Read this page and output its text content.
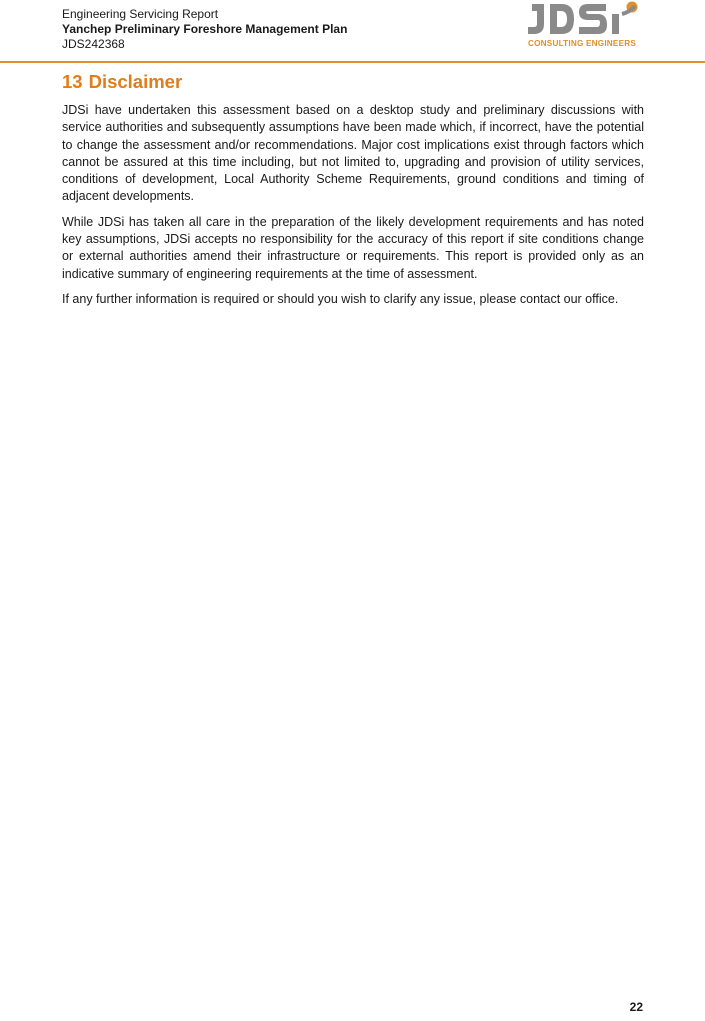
Engineering Servicing Report
Yanchep Preliminary Foreshore Management Plan
JDS242368	CONSULTING ENGINEERS
13 Disclaimer

JDSi have undertaken this assessment based on a desktop study and preliminary discussions with service authorities and subsequently assumptions have been made which, if incorrect, have the potential to change the assessment and/or recommendations. Major cost implications exist through factors which cannot be assured at this time including, but not limited to, upgrading and provision of utility services, conditions of development, Local Authority Scheme Requirements, ground conditions and timing of adjacent developments.

While JDSi has taken all care in the preparation of the likely development requirements and has noted key assumptions, JDSi accepts no responsibility for the accuracy of this report if site conditions change or external authorities amend their infrastructure or requirements. This report is provided only as an indicative summary of engineering requirements at the time of assessment.

If any further information is required or should you wish to clarify any issue, please contact our office.

22
